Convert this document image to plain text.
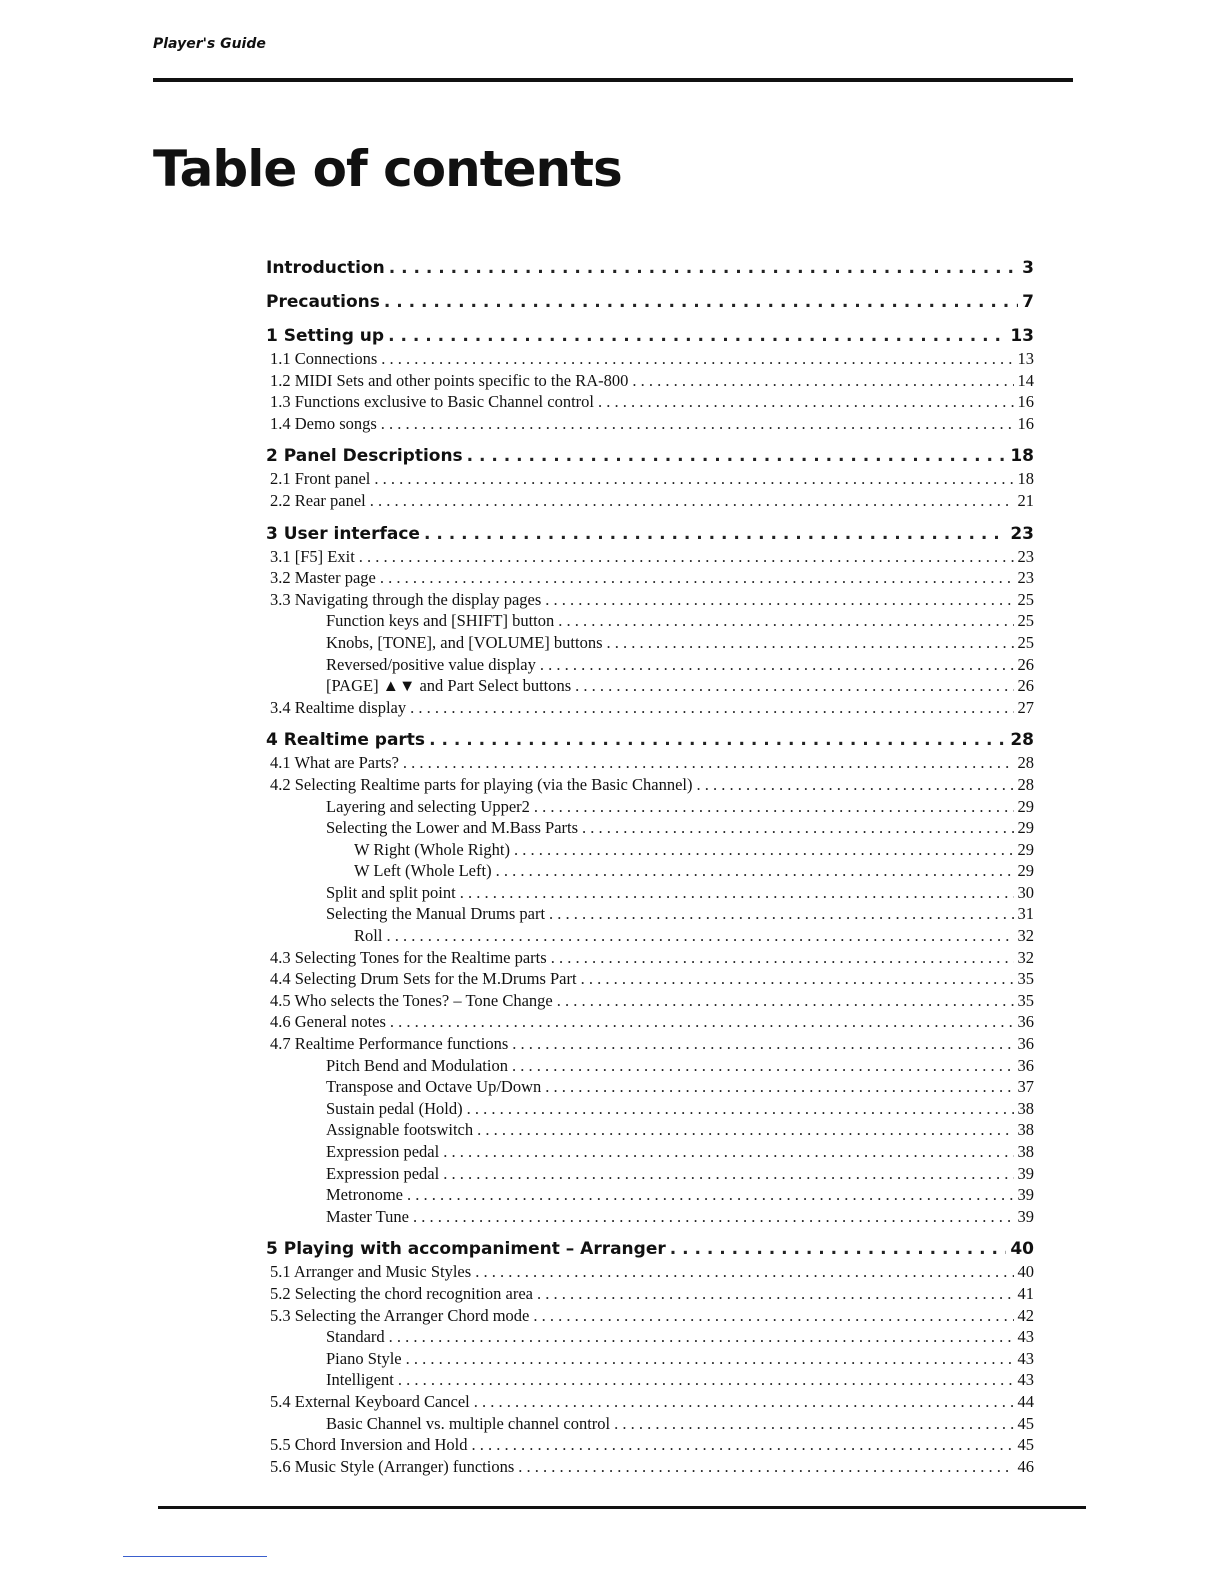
Player's Guide
Table of contents
Introduction . . .	3
Precautions . . .	7
1 Setting up . . .	13
1.1 Connections . . .	13
1.2 MIDI Sets and other points specific to the RA-800 . . .	14
1.3 Functions exclusive to Basic Channel control . . .	16
1.4 Demo songs . . .	16
2 Panel Descriptions . . .	18
2.1 Front panel . . .	18
2.2 Rear panel . . .	21
3 User interface . . .	23
3.1 [F5] Exit . . .	23
3.2 Master page . . .	23
3.3 Navigating through the display pages . . .	25
Function keys and [SHIFT] button . . .	25
Knobs, [TONE], and [VOLUME] buttons . . .	25
Reversed/positive value display . . .	26
[PAGE] ▲▼ and Part Select buttons . . .	26
3.4 Realtime display . . .	27
4 Realtime parts . . .	28
4.1 What are Parts? . . .	28
4.2 Selecting Realtime parts for playing (via the Basic Channel) . . .	28
Layering and selecting Upper2 . . .	29
Selecting the Lower and M.Bass Parts . . .	29
W Right (Whole Right) . . .	29
W Left (Whole Left) . . .	29
Split and split point . . .	30
Selecting the Manual Drums part . . .	31
Roll . . .	32
4.3 Selecting Tones for the Realtime parts . . .	32
4.4 Selecting Drum Sets for the M.Drums Part . . .	35
4.5 Who selects the Tones? – Tone Change . . .	35
4.6 General notes . . .	36
4.7 Realtime Performance functions . . .	36
Pitch Bend and Modulation . . .	36
Transpose and Octave Up/Down . . .	37
Sustain pedal (Hold) . . .	38
Assignable footswitch . . .	38
Expression pedal . . .	38
Expression pedal . . .	39
Metronome . . .	39
Master Tune . . .	39
5 Playing with accompaniment – Arranger . . .	40
5.1 Arranger and Music Styles . . .	40
5.2 Selecting the chord recognition area . . .	41
5.3 Selecting the Arranger Chord mode . . .	42
Standard . . .	43
Piano Style . . .	43
Intelligent . . .	43
5.4 External Keyboard Cancel . . .	44
Basic Channel vs. multiple channel control . . .	45
5.5 Chord Inversion and Hold . . .	45
5.6 Music Style (Arranger) functions . . .	46
